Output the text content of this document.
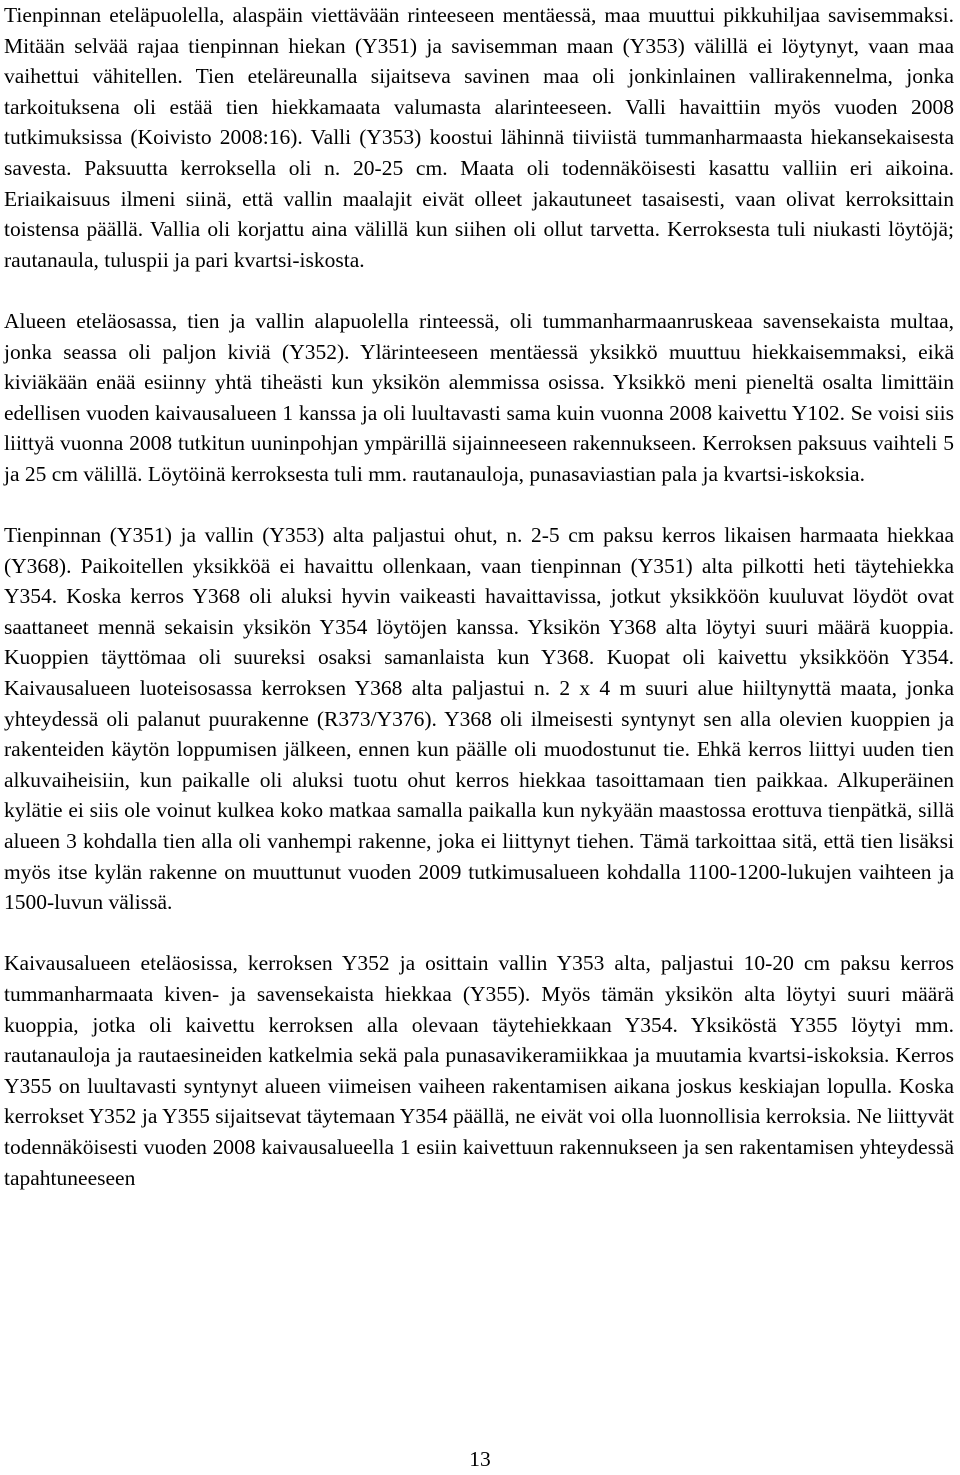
Tienpinnan eteläpuolella, alaspäin viettävään rinteeseen mentäessä, maa muuttui pikkuhiljaa savisemmaksi. Mitään selvää rajaa tienpinnan hiekan (Y351) ja savisemman maan (Y353) välillä ei löytynyt, vaan maa vaihettui vähitellen. Tien eteläreunalla sijaitseva savinen maa oli jonkinlainen vallirakennelma, jonka tarkoituksena oli estää tien hiekkamaata valumasta alarinteeseen. Valli havaittiin myös vuoden 2008 tutkimuksissa (Koivisto 2008:16). Valli (Y353) koostui lähinnä tiiviistä tummanharmaasta hiekansekaisesta savesta. Paksuutta kerroksella oli n. 20-25 cm. Maata oli todennäköisesti kasattu valliin eri aikoina. Eriaikaisuus ilmeni siinä, että vallin maalajit eivät olleet jakautuneet tasaisesti, vaan olivat kerroksittain toistensa päällä. Vallia oli korjattu aina välillä kun siihen oli ollut tarvetta. Kerroksesta tuli niukasti löytöjä; rautanaula, tuluspii ja pari kvartsi-iskosta.

Alueen eteläosassa, tien ja vallin alapuolella rinteessä, oli tummanharmaanruskeaa savensekaista multaa, jonka seassa oli paljon kiviä (Y352). Ylärinteeseen mentäessä yksikkö muuttuu hiekkaisemmaksi, eikä kiviäkään enää esiinny yhtä tiheästi kun yksikön alemmissa osissa. Yksikkö meni pieneltä osalta limittäin edellisen vuoden kaivausalueen 1 kanssa ja oli luultavasti sama kuin vuonna 2008 kaivettu Y102. Se voisi siis liittyä vuonna 2008 tutkitun uuninpohjan ympärillä sijainneeseen rakennukseen. Kerroksen paksuus vaihteli 5 ja 25 cm välillä. Löytöinä kerroksesta tuli mm. rautanauloja, punasaviastian pala ja kvartsi-iskoksia.

Tienpinnan (Y351) ja vallin (Y353) alta paljastui ohut, n. 2-5 cm paksu kerros likaisen harmaata hiekkaa (Y368). Paikoitellen yksikköä ei havaittu ollenkaan, vaan tienpinnan (Y351) alta pilkotti heti täytehiekka Y354. Koska kerros Y368 oli aluksi hyvin vaikeasti havaittavissa, jotkut yksikköön kuuluvat löydöt ovat saattaneet mennä sekaisin yksikön Y354 löytöjen kanssa. Yksikön Y368 alta löytyi suuri määrä kuoppia. Kuoppien täyttömaa oli suureksi osaksi samanlaista kun Y368. Kuopat oli kaivettu yksikköön Y354. Kaivausalueen luoteisosassa kerroksen Y368 alta paljastui n. 2 x 4 m suuri alue hiiltynyttä maata, jonka yhteydessä oli palanut puurakenne (R373/Y376). Y368 oli ilmeisesti syntynyt sen alla olevien kuoppien ja rakenteiden käytön loppumisen jälkeen, ennen kun päälle oli muodostunut tie. Ehkä kerros liittyi uuden tien alkuvaiheisiin, kun paikalle oli aluksi tuotu ohut kerros hiekkaa tasoittamaan tien paikkaa. Alkuperäinen kylätie ei siis ole voinut kulkea koko matkaa samalla paikalla kun nykyään maastossa erottuva tienpätkä, sillä alueen 3 kohdalla tien alla oli vanhempi rakenne, joka ei liittynyt tiehen. Tämä tarkoittaa sitä, että tien lisäksi myös itse kylän rakenne on muuttunut vuoden 2009 tutkimusalueen kohdalla 1100-1200-lukujen vaihteen ja 1500-luvun välissä.

Kaivausalueen eteläosissa, kerroksen Y352 ja osittain vallin Y353 alta, paljastui 10-20 cm paksu kerros tummanharmaata kiven- ja savensekaista hiekkaa (Y355). Myös tämän yksikön alta löytyi suuri määrä kuoppia, jotka oli kaivettu kerroksen alla olevaan täytehiekkaan Y354. Yksiköstä Y355 löytyi mm. rautanauloja ja rautaesineiden katkelmia sekä pala punasavikeramiikkaa ja muutamia kvartsi-iskoksia. Kerros Y355 on luultavasti syntynyt alueen viimeisen vaiheen rakentamisen aikana joskus keskiajan lopulla. Koska kerrokset Y352 ja Y355 sijaitsevat täytemaan Y354 päällä, ne eivät voi olla luonnollisia kerroksia. Ne liittyvät todennäköisesti vuoden 2008 kaivausalueella 1 esiin kaivettuun rakennukseen ja sen rakentamisen yhteydessä tapahtuneeseen

13
